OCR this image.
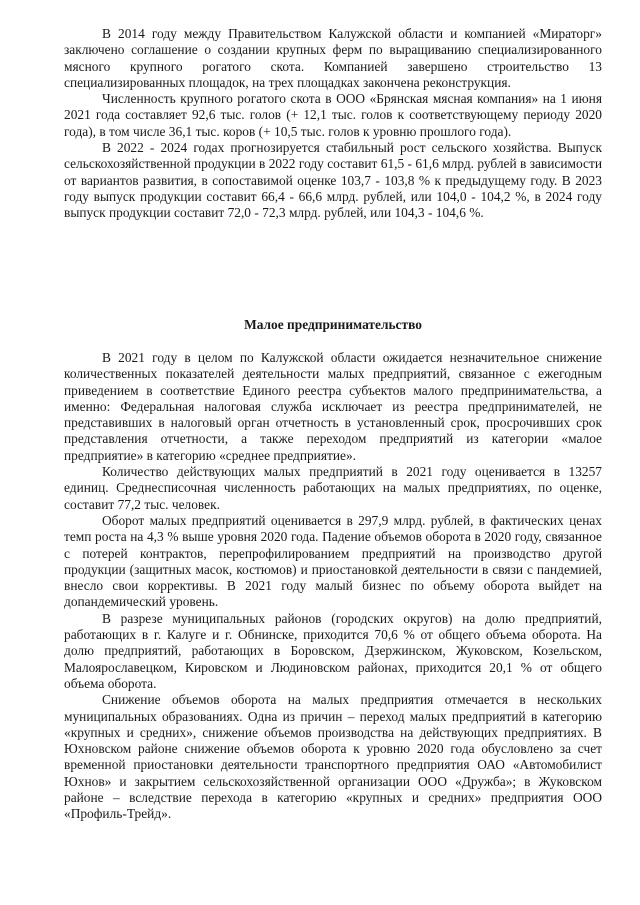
В 2014 году между Правительством Калужской области и компанией «Мираторг» заключено соглашение о создании крупных ферм по выращиванию специализированного мясного крупного рогатого скота. Компанией завершено строительство 13 специализированных площадок, на трех площадках закончена реконструкция.

Численность крупного рогатого скота в ООО «Брянская мясная компания» на 1 июня 2021 года составляет 92,6 тыс. голов (+ 12,1 тыс. голов к соответствующему периоду 2020 года), в том числе 36,1 тыс. коров (+ 10,5 тыс. голов к уровню прошлого года).

В 2022 - 2024 годах прогнозируется стабильный рост сельского хозяйства. Выпуск сельскохозяйственной продукции в 2022 году составит 61,5 - 61,6 млрд. рублей в зависимости от вариантов развития, в сопоставимой оценке 103,7 - 103,8 % к предыдущему году. В 2023 году выпуск продукции составит 66,4 - 66,6 млрд. рублей, или 104,0 - 104,2 %, в 2024 году выпуск продукции составит 72,0 - 72,3 млрд. рублей, или 104,3 - 104,6 %.

Малое предпринимательство

В 2021 году в целом по Калужской области ожидается незначительное снижение количественных показателей деятельности малых предприятий, связанное с ежегодным приведением в соответствие Единого реестра субъектов малого предпринимательства, а именно: Федеральная налоговая служба исключает из реестра предпринимателей, не представивших в налоговый орган отчетность в установленный срок, просрочивших срок представления отчетности, а также переходом предприятий из категории «малое предприятие» в категорию «среднее предприятие».

Количество действующих малых предприятий в 2021 году оценивается в 13257 единиц. Среднесписочная численность работающих на малых предприятиях, по оценке, составит 77,2 тыс. человек.

Оборот малых предприятий оценивается в 297,9 млрд. рублей, в фактических ценах темп роста на 4,3 % выше уровня 2020 года. Падение объемов оборота в 2020 году, связанное с потерей контрактов, перепрофилированием предприятий на производство другой продукции (защитных масок, костюмов) и приостановкой деятельности в связи с пандемией, внесло свои коррективы. В 2021 году малый бизнес по объему оборота выйдет на допандемический уровень.

В разрезе муниципальных районов (городских округов) на долю предприятий, работающих в г. Калуге и г. Обнинске, приходится 70,6 % от общего объема оборота. На долю предприятий, работающих в Боровском, Дзержинском, Жуковском, Козельском, Малоярославецком, Кировском и Людиновском районах, приходится 20,1 % от общего объема оборота.

Снижение объемов оборота на малых предприятия отмечается в нескольких муниципальных образованиях. Одна из причин – переход малых предприятий в категорию «крупных и средних», снижение объемов производства на действующих предприятиях. В Юхновском районе снижение объемов оборота к уровню 2020 года обусловлено за счет временной приостановки деятельности транспортного предприятия ОАО «Автомобилист Юхнов» и закрытием сельскохозяйственной организации ООО «Дружба»; в Жуковском районе – вследствие перехода в категорию «крупных и средних» предприятия ООО «Профиль-Трейд».
